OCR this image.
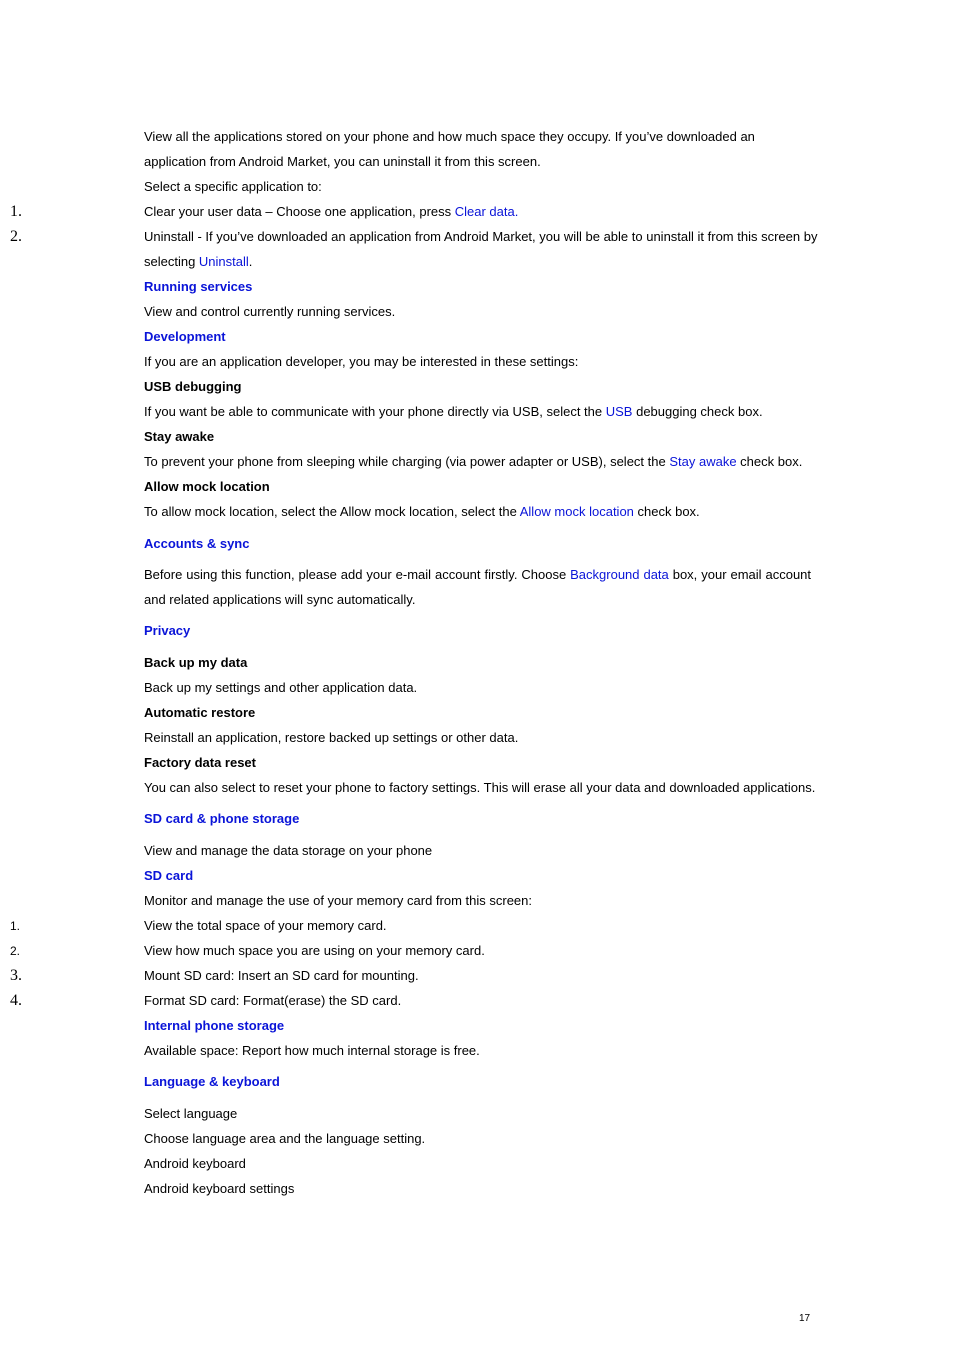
View all the applications stored on your phone and how much space they occupy. If you’ve downloaded an
application from Android Market, you can uninstall it from this screen.
Select a specific application to:
1.	Clear your user data – Choose one application, press Clear data.
2.	Uninstall - If you’ve downloaded an application from Android Market, you will be able to uninstall it from this screen by
selecting Uninstall.
Running services
View and control currently running services.
Development
If you are an application developer, you may be interested in these settings:
USB debugging
If you want be able to communicate with your phone directly via USB, select the USB debugging check box.
Stay awake
To prevent your phone from sleeping while charging (via power adapter or USB), select the Stay awake check box.
Allow mock location
To allow mock location, select the Allow mock location, select the Allow mock location check box.
Accounts & sync
Before using this function, please add your e-mail account firstly. Choose Background data box, your email account
and related applications will sync automatically.
Privacy
Back up my data
Back up my settings and other application data.
Automatic restore
Reinstall an application, restore backed up settings or other data.
Factory data reset
You can also select to reset your phone to factory settings. This will erase all your data and downloaded applications.
SD card & phone storage
View and manage the data storage on your phone
SD card
Monitor and manage the use of your memory card from this screen:
1.	View the total space of your memory card.
2.	View how much space you are using on your memory card.
3.	Mount SD card: Insert an SD card for mounting.
4.	Format SD card: Format(erase) the SD card.
Internal phone storage
Available space: Report how much internal storage is free.
Language & keyboard
Select language
Choose language area and the language setting.
Android keyboard
Android keyboard settings
17
